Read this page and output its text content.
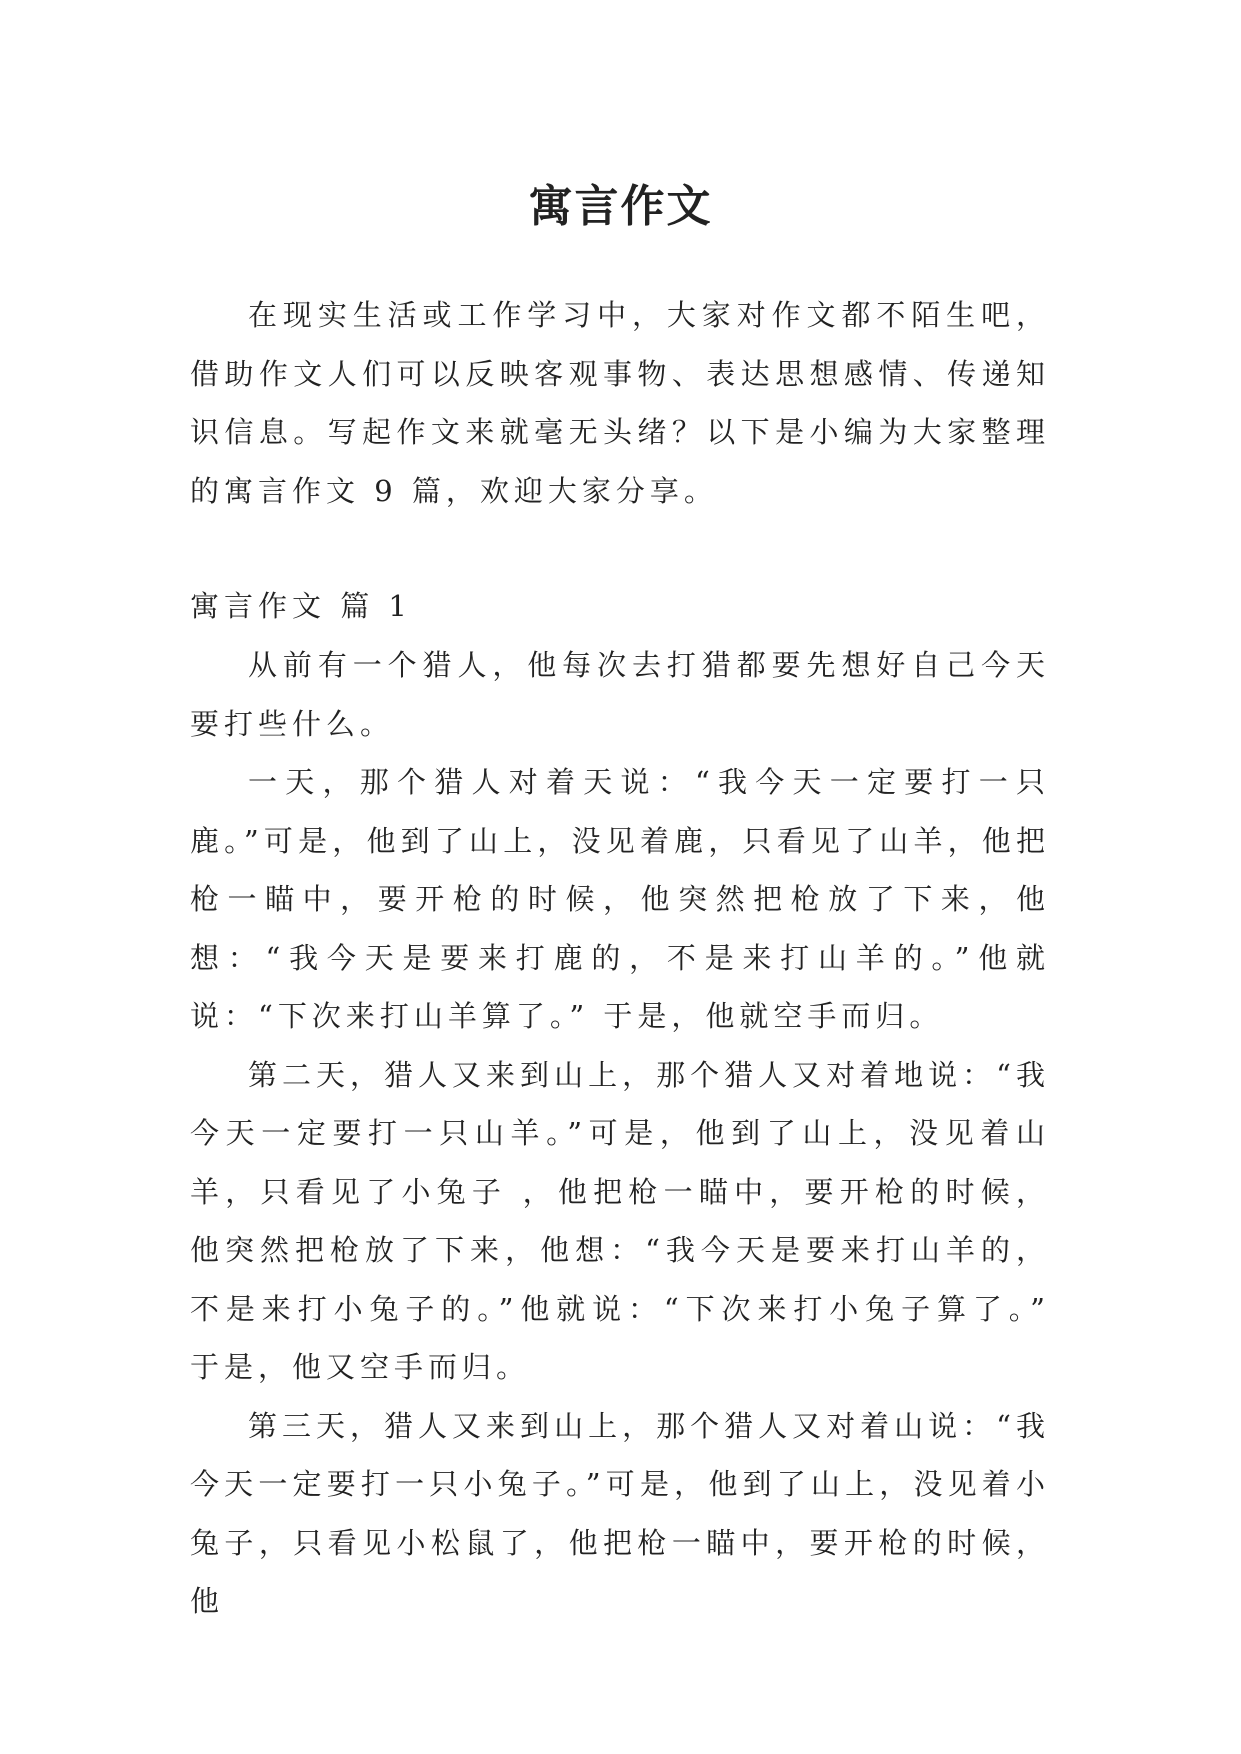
寓言作文

在现实生活或工作学习中，大家对作文都不陌生吧，借助作文人们可以反映客观事物、表达思想感情、传递知识信息。写起作文来就毫无头绪？以下是小编为大家整理的寓言作文 9 篇，欢迎大家分享。

寓言作文 篇 1

从前有一个猎人，他每次去打猎都要先想好自己今天要打些什么。

一天，那个猎人对着天说：“我今天一定要打一只鹿。”可是，他到了山上，没见着鹿，只看见了山羊，他把枪一瞄中，要开枪的时候，他突然把枪放了下来，他想：“我今天是要来打鹿的，不是来打山羊的。”他就说：“下次来打山羊算了。” 于是，他就空手而归。

第二天，猎人又来到山上，那个猎人又对着地说：“我今天一定要打一只山羊。”可是，他到了山上，没见着山羊，只看见了小兔子 ，他把枪一瞄中，要开枪的时候，他突然把枪放了下来，他想：“我今天是要来打山羊的，不是来打小兔子的。”他就说：“下次来打小兔子算了。” 于是，他又空手而归。

第三天，猎人又来到山上，那个猎人又对着山说：“我今天一定要打一只小兔子。”可是，他到了山上，没见着小兔子，只看见小松鼠了，他把枪一瞄中，要开枪的时候，他
